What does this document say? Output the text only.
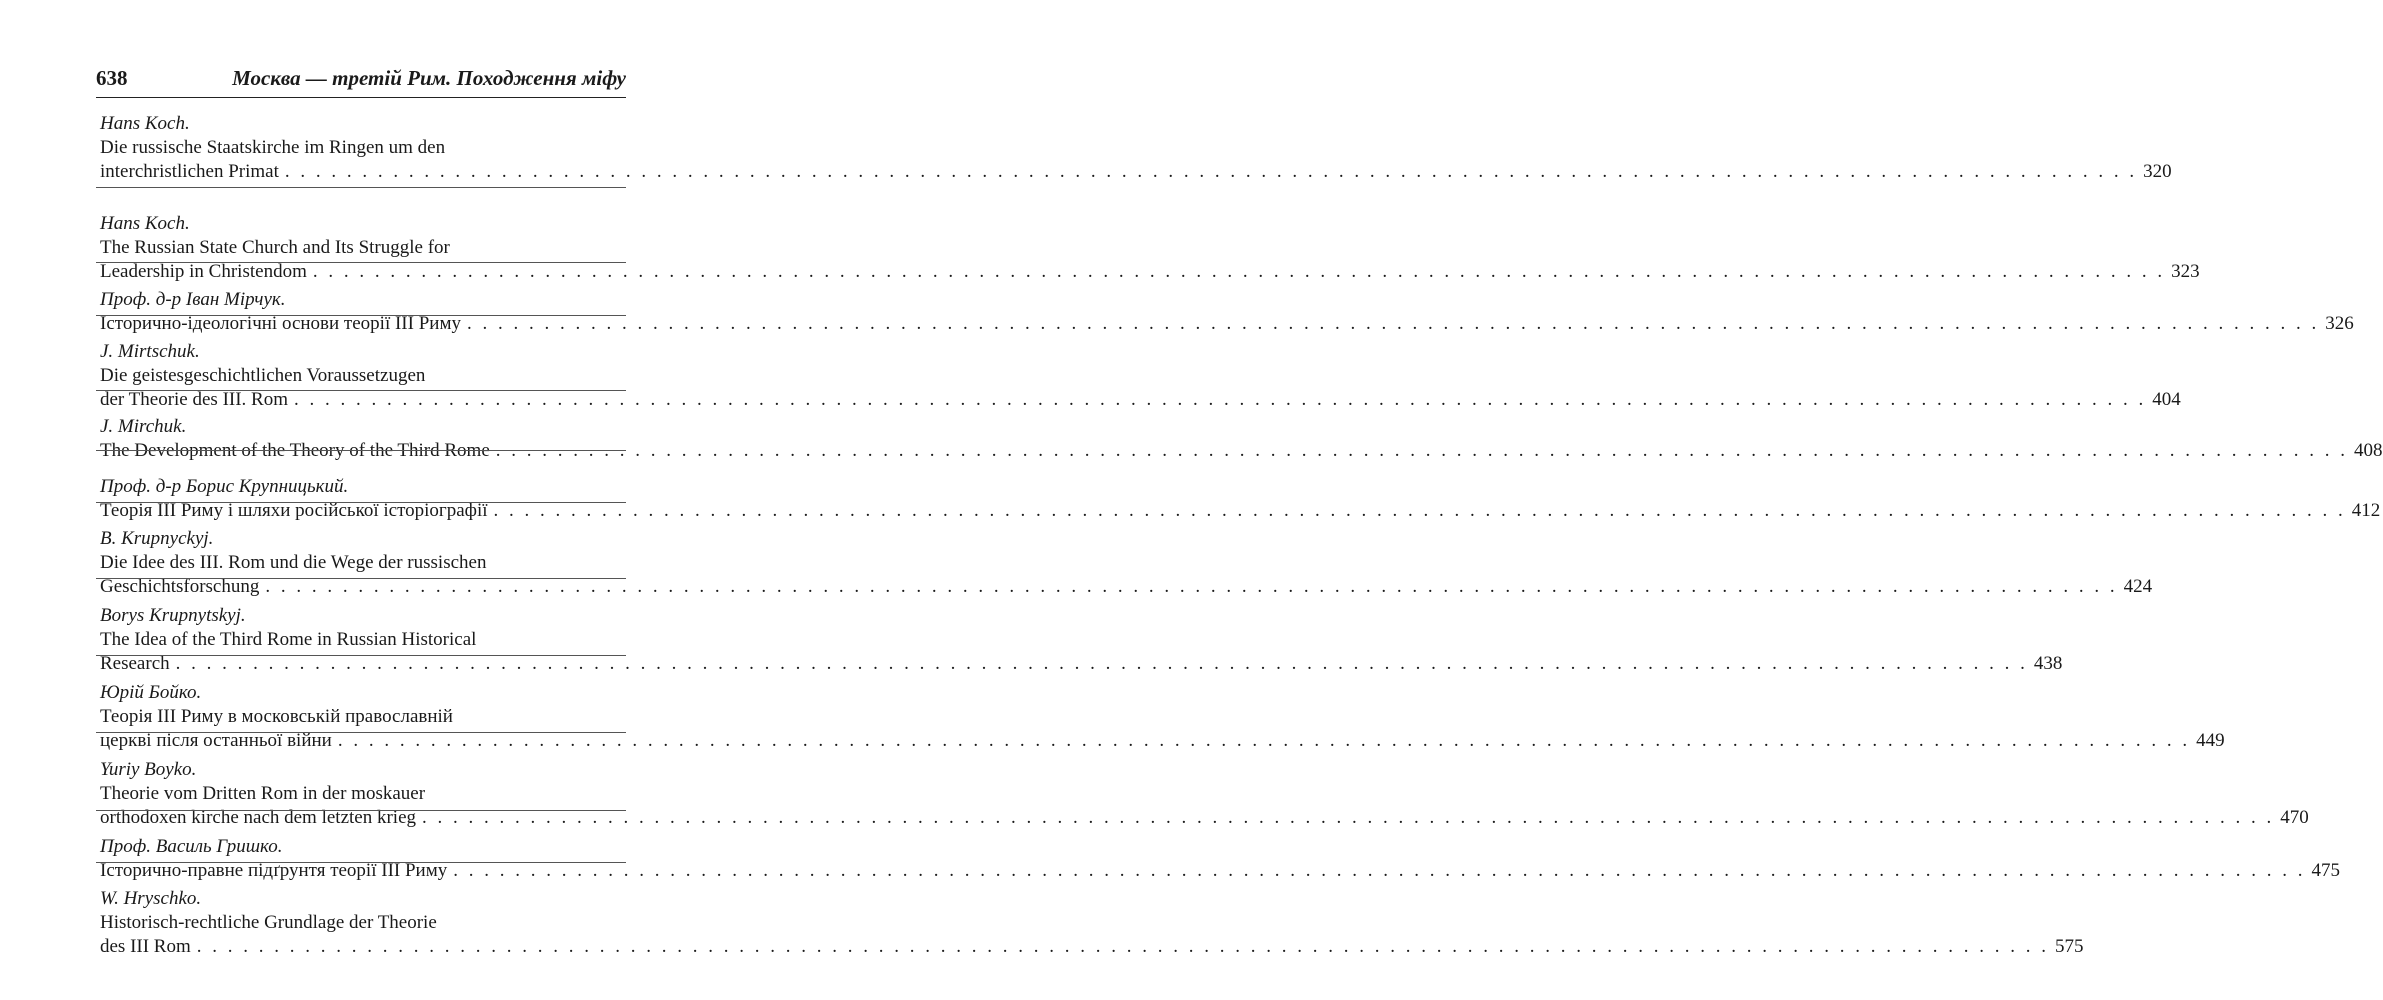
638	Москва — третій Рим. Походження міфу
Hans Koch.
Die russische Staatskirche im Ringen um den
interchristlichen Primat . . . . . . . . . . . . . . . . . . . . . . . . . . . . . . . . . . . . . . . . . . . . . . . . . . . . . . . . . . . . . . . . . . . . . . . . . . . . . . . . . . . . . . . . . . . . . . . . . . . . . . . . . . . . . . . . . . . . . . . . 320
Hans Koch.
The Russian State Church and Its Struggle for
Leadership in Christendom . . . . . . . . . . . . . . . . . . . . . . . . . . . . . . . . . . . . . . . . . . . . . . . . . . . . . . . . . . . . . . . . . . . . . . . . . . . . . . . . . . . . . . . . . . . . . . . . . . . . . . . . . . . . . . . . . . . . . . . . 323
Проф. д-р Іван Мірчук.
Історично-ідеологічні основи теорії III Риму . . . . . . . . . . . . . . . . . . . . . . . . . . . . . . . . . . . . . . . . . . . . . . . . . . . . . . . . . . . . . . . . . . . . . . . . . . . . . . . . . . . . . . . . . . . . . . . . . . . . . . . . . . . . . . . . . . . . . . . . 326
J. Mirtschuk.
Die geistesgeschichtlichen Voraussetzugen
der Theorie des III. Rom . . . . . . . . . . . . . . . . . . . . . . . . . . . . . . . . . . . . . . . . . . . . . . . . . . . . . . . . . . . . . . . . . . . . . . . . . . . . . . . . . . . . . . . . . . . . . . . . . . . . . . . . . . . . . . . . . . . . . . . . 404
J. Mirchuk.
The Development of the Theory of the Third Rome . . . . . . . . . . . . . . . . . . . . . . . . . . . . . . . . . . . . . . . . . . . . . . . . . . . . . . . . . . . . . . . . . . . . . . . . . . . . . . . . . . . . . . . . . . . . . . . . . . . . . . . . . . . . . . . . . . . . . . . . 408
Проф. д-р Борис Крупницький.
Теорія III Риму і шляхи російської історіографії . . . . . . . . . . . . . . . . . . . . . . . . . . . . . . . . . . . . . . . . . . . . . . . . . . . . . . . . . . . . . . . . . . . . . . . . . . . . . . . . . . . . . . . . . . . . . . . . . . . . . . . . . . . . . . . . . . . . . . . . 412
B. Krupnyckyj.
Die Idee des III. Rom und die Wege der russischen
Geschichtsforschung . . . . . . . . . . . . . . . . . . . . . . . . . . . . . . . . . . . . . . . . . . . . . . . . . . . . . . . . . . . . . . . . . . . . . . . . . . . . . . . . . . . . . . . . . . . . . . . . . . . . . . . . . . . . . . . . . . . . . . . . 424
Borys Krupnytskyj.
The Idea of the Third Rome in Russian Historical
Research . . . . . . . . . . . . . . . . . . . . . . . . . . . . . . . . . . . . . . . . . . . . . . . . . . . . . . . . . . . . . . . . . . . . . . . . . . . . . . . . . . . . . . . . . . . . . . . . . . . . . . . . . . . . . . . . . . . . . . . . 438
Юрій Бойко.
Теорія III Риму в московській православній
церкві після останньої війни . . . . . . . . . . . . . . . . . . . . . . . . . . . . . . . . . . . . . . . . . . . . . . . . . . . . . . . . . . . . . . . . . . . . . . . . . . . . . . . . . . . . . . . . . . . . . . . . . . . . . . . . . . . . . . . . . . . . . . . . 449
Yuriy Boyko.
Theorie vom Dritten Rom in der moskauer
orthodoxen kirche nach dem letzten krieg . . . . . . . . . . . . . . . . . . . . . . . . . . . . . . . . . . . . . . . . . . . . . . . . . . . . . . . . . . . . . . . . . . . . . . . . . . . . . . . . . . . . . . . . . . . . . . . . . . . . . . . . . . . . . . . . . . . . . . . . 470
Проф. Василь Гришко.
Історично-правне підґрунтя теорії III Риму . . . . . . . . . . . . . . . . . . . . . . . . . . . . . . . . . . . . . . . . . . . . . . . . . . . . . . . . . . . . . . . . . . . . . . . . . . . . . . . . . . . . . . . . . . . . . . . . . . . . . . . . . . . . . . . . . . . . . . . . 475
W. Hryschko.
Historisch-rechtliche Grundlage der Theorie
des III Rom . . . . . . . . . . . . . . . . . . . . . . . . . . . . . . . . . . . . . . . . . . . . . . . . . . . . . . . . . . . . . . . . . . . . . . . . . . . . . . . . . . . . . . . . . . . . . . . . . . . . . . . . . . . . . . . . . . . . . . . . 575
